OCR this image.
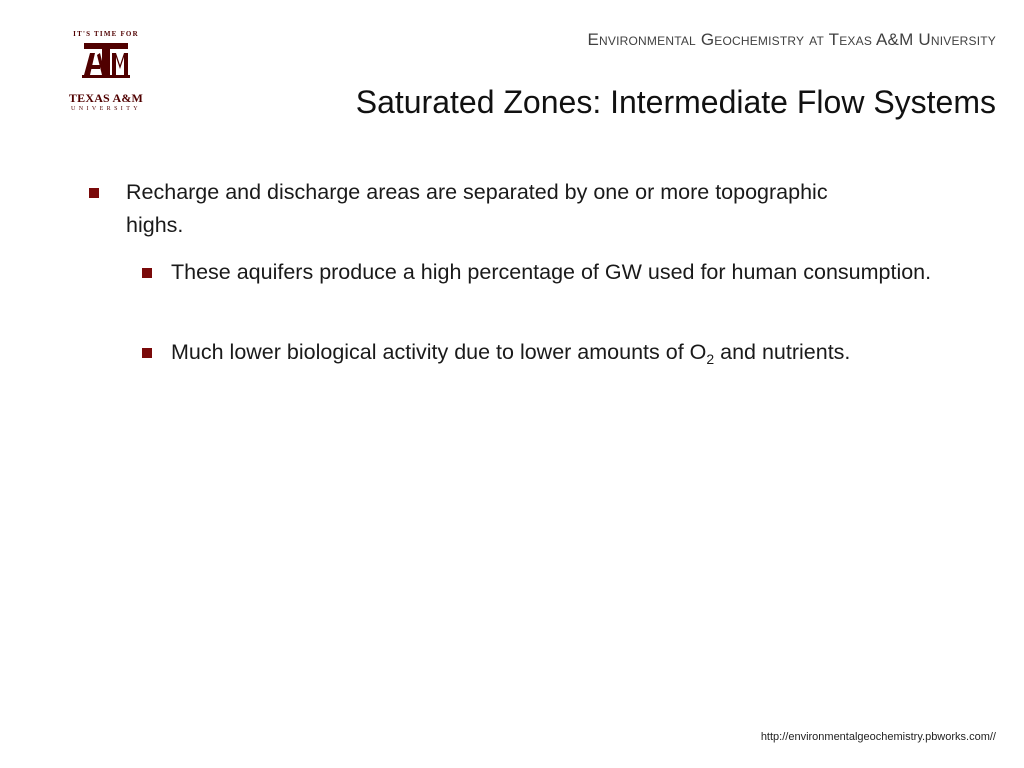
IT'S TIME FOR
TEXAS A&M
UNIVERSITY
Environmental Geochemistry at Texas A&M University
Saturated Zones: Intermediate Flow Systems
Recharge and discharge areas are separated by one or more topographic highs.
These aquifers produce a high percentage of GW used for human consumption.
Much lower biological activity due to lower amounts of $O_2$ and nutrients.
http://environmentalgeochemistry.pbworks.com//
